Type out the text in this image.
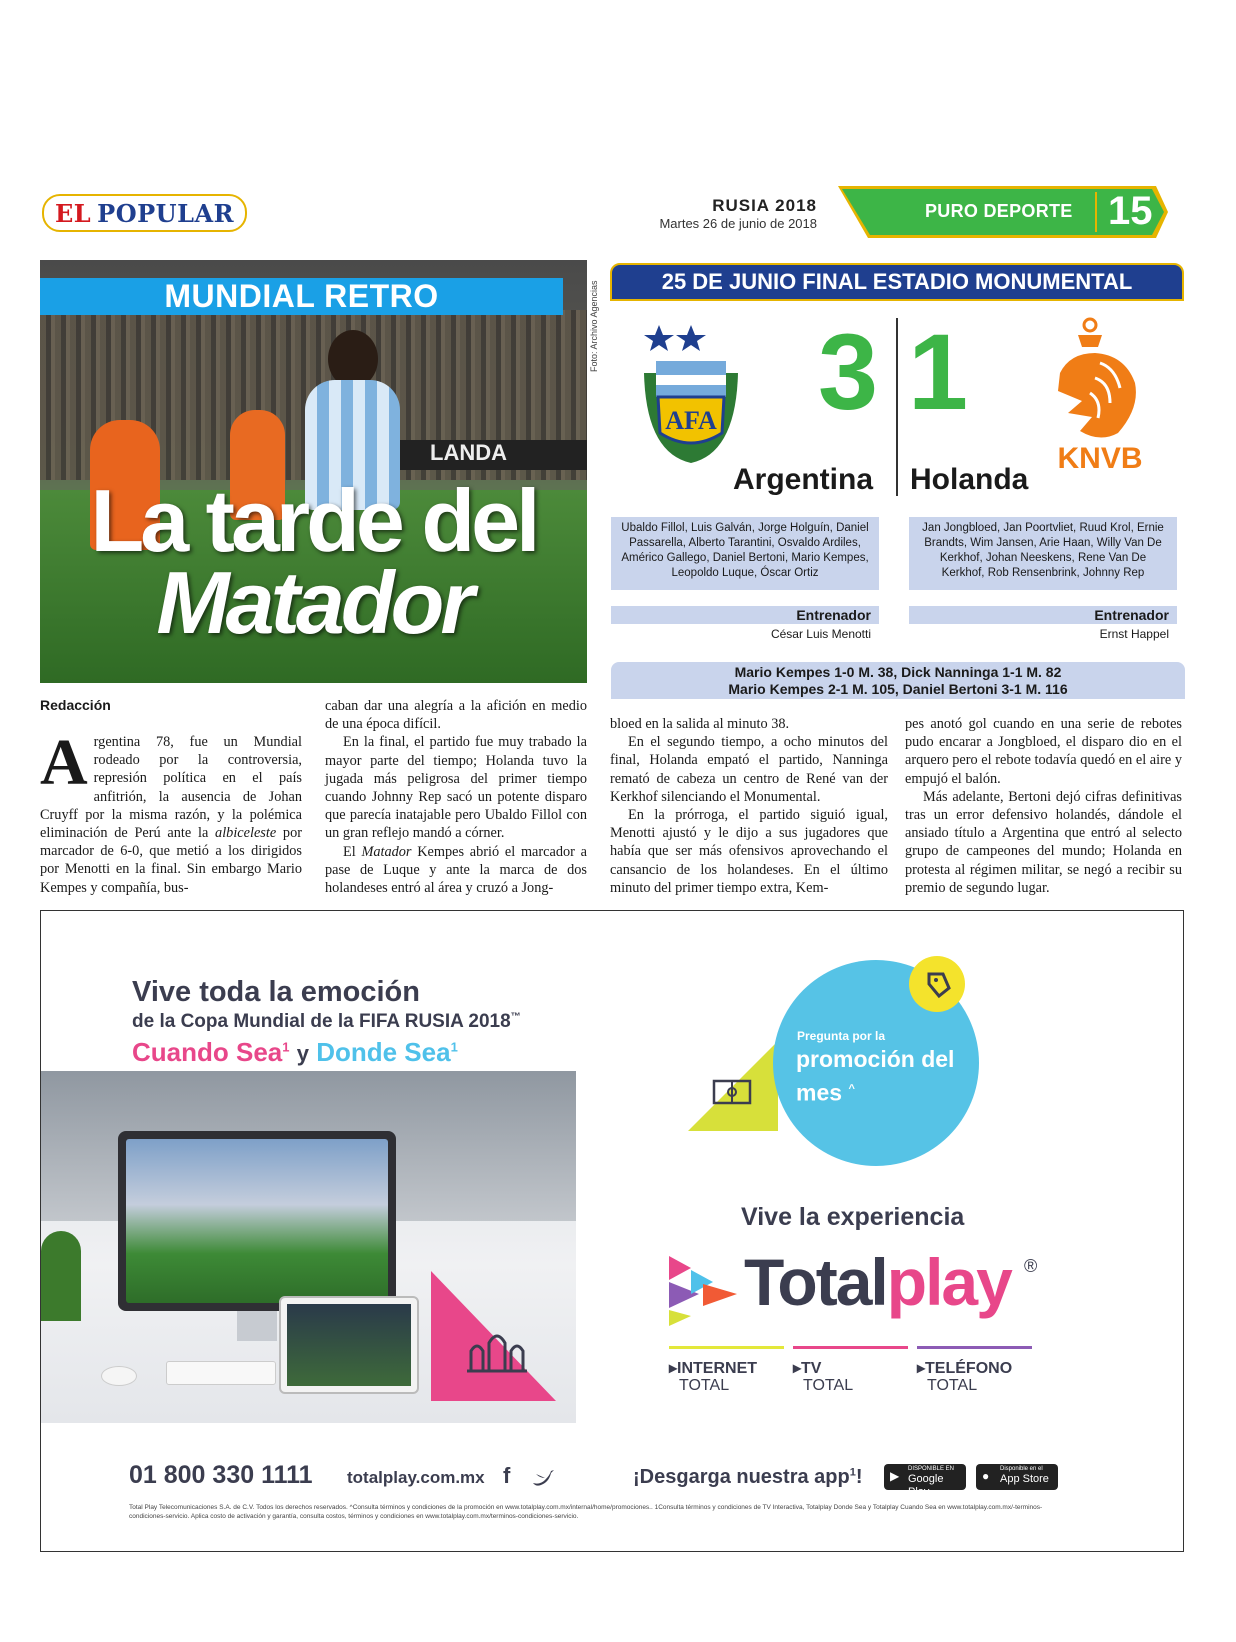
EL POPULAR	RUSIA 2018
Martes 26 de junio de 2018
PURO DEPORTE 15
LANDA
MUNDIAL RETRO
La tarde del
Matador
Foto: Archivo Agencias	25 DE JUNIO FINAL ESTADIO MONUMENTAL
AFA 3 1
KNVB
Argentina Holanda
Ubaldo Fillol, Luis Galván, Jorge Holguín, Daniel Passarella, Alberto Tarantini, Osvaldo Ardiles, Américo Gallego, Daniel Bertoni, Mario Kempes, Leopoldo Luque, Óscar Ortiz
Jan Jongbloed, Jan Poortvliet, Ruud Krol, Ernie Brandts, Wim Jansen, Arie Haan, Willy Van De Kerkhof, Johan Neeskens, Rene Van De Kerkhof, Rob Rensenbrink, Johnny Rep
Entrenador	Entrenador
César Luis Menotti	Ernst Happel
Mario Kempes 1-0 M. 38, Dick Nanninga 1-1 M. 82
Mario Kempes 2-1 M. 105, Daniel Bertoni 3-1 M. 116
Redacción

Argentina 78, fue un Mundial rodeado por la controversia, represión política en el país anfitrión, la ausencia de Johan Cruyff por la misma razón, y la polémica eliminación de Perú ante la albiceleste por marcador de 6-0, que metió a los dirigidos por Menotti en la final. Sin embargo Mario Kempes y compañía, bus-

caban dar una alegría a la afición en medio de una época difícil.

En la final, el partido fue muy trabado la mayor parte del tiempo; Holanda tuvo la jugada más peligrosa del primer tiempo cuando Johnny Rep sacó un potente disparo que parecía inatajable pero Ubaldo Fillol con un gran reflejo mandó a córner.

El Matador Kempes abrió el marcador a pase de Luque y ante la marca de dos holandeses entró al área y cruzó a Jong-

bloed en la salida al minuto 38.

En el segundo tiempo, a ocho minutos del final, Holanda empató el partido, Nanninga remató de cabeza un centro de René van der Kerkhof silenciando el Monumental.

En la prórroga, el partido siguió igual, Menotti ajustó y le dijo a sus jugadores que había que ser más ofensivos aprovechando el cansancio de los holandeses. En el último minuto del primer tiempo extra, Kem-

pes anotó gol cuando en una serie de rebotes pudo encarar a Jongbloed, el disparo dio en el arquero pero el rebote todavía quedó en el aire y empujó el balón.

Más adelante, Bertoni dejó cifras definitivas tras un error defensivo holandés, dándole el ansiado título a Argentina que entró al selecto grupo de campeones del mundo; Holanda en protesta al régimen militar, se negó a recibir su premio de segundo lugar.

Vive toda la emoción
de la Copa Mundial de la FIFA RUSIA 2018™
Cuando Sea$^1$ y Donde Sea$^1$
Pregunta por la
promoción del mes ^
Vive la experiencia
Totalplay ®
▸INTERNET
TOTAL
▸TV
TOTAL
▸TELÉFONO
TOTAL
01 800 330 1111 totalplay.com.mx f	¡Desgarga nuestra app$^1$! ▶ DISPONIBLE EN
Google Play
● Disponible en el
App Store
Total Play Telecomunicaciones S.A. de C.V. Todos los derechos reservados. ^Consulta términos y condiciones de la promoción en www.totalplay.com.mx/internal/home/promociones.. 1Consulta términos y condiciones de TV Interactiva, Totalplay Donde Sea y Totalplay Cuando Sea en www.totalplay.com.mx/-terminos-condiciones-servicio. Aplica costo de activación y garantía, consulta costos, términos y condiciones en www.totalplay.com.mx/terminos-condiciones-servicio.
